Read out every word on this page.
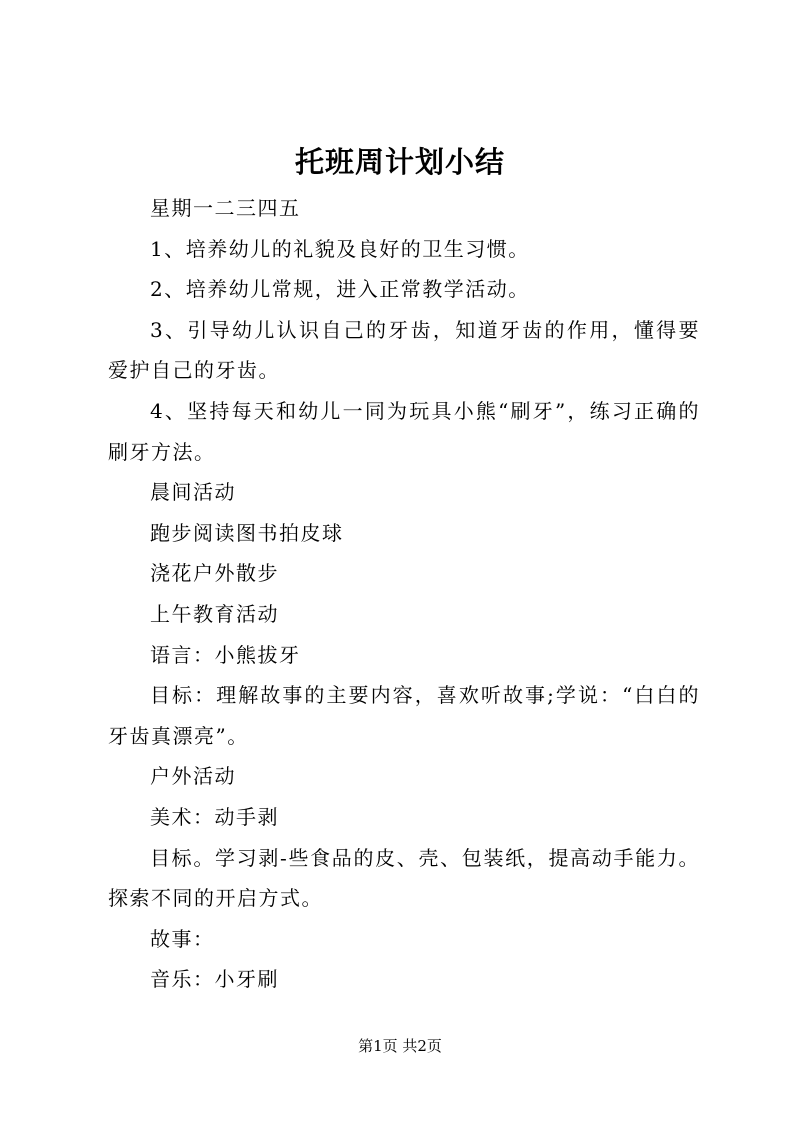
托班周计划小结

星期一二三四五

1、培养幼儿的礼貌及良好的卫生习惯。

2、培养幼儿常规，进入正常教学活动。

3、引导幼儿认识自己的牙齿，知道牙齿的作用，懂得要爱护自己的牙齿。

4、坚持每天和幼儿一同为玩具小熊“刷牙”，练习正确的刷牙方法。

晨间活动

跑步阅读图书拍皮球

浇花户外散步

上午教育活动

语言：小熊拔牙

目标：理解故事的主要内容，喜欢听故事;学说：“白白的牙齿真漂亮”。

户外活动

美术：动手剥

目标。学习剥-些食品的皮、壳、包装纸，提高动手能力。探索不同的开启方式。

故事：

音乐：小牙刷

第1页 共2页
